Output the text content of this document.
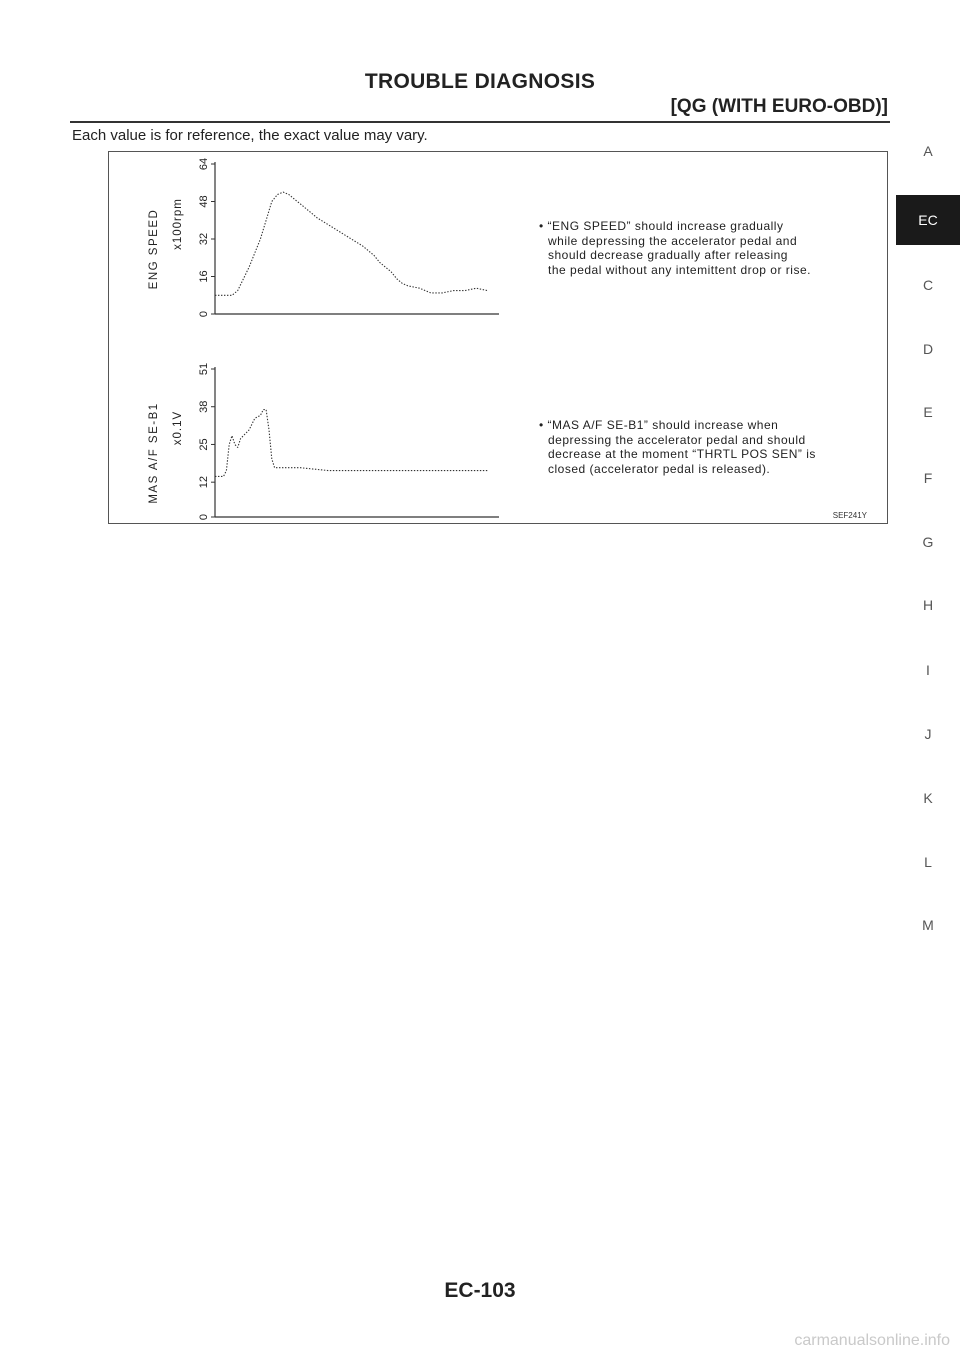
TROUBLE DIAGNOSIS
[QG (WITH EURO-OBD)]
Each value is for reference, the exact value may vary.
0
16
32
48
64
x100rpm
ENG SPEED
0
12
25
38
51
x0.1V
MAS A/F SE-B1
• “ENG SPEED” should increase gradually
while depressing the accelerator pedal and
should decrease gradually after releasing
the pedal without any intemittent drop or rise.
• “MAS A/F SE-B1” should increase when
depressing the accelerator pedal and should
decrease at the moment “THRTL POS SEN” is
closed (accelerator pedal is released).
SEF241Y
A
EC
C
D
E
F
G
H
I
J
K
L
M
EC-103
carmanualsonline.info
